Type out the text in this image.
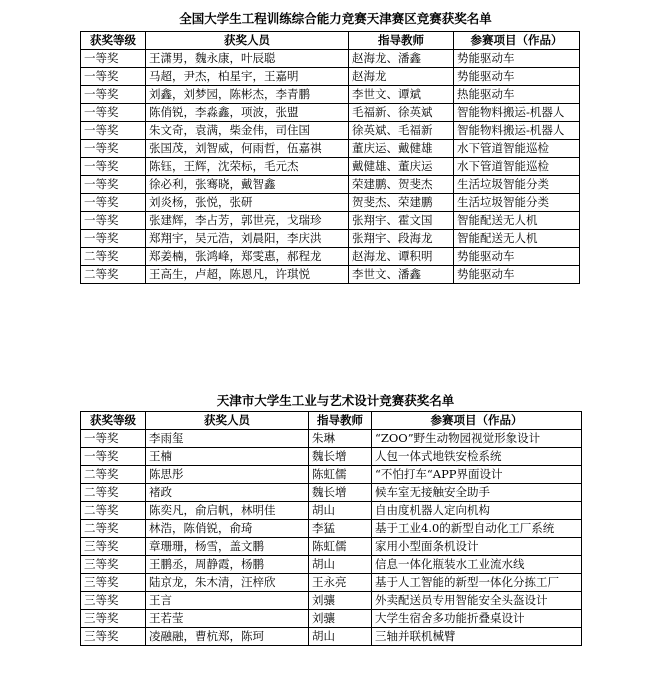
全国大学生工程训练综合能力竞赛天津赛区竞赛获奖名单
获奖等级	获奖人员	指导教师	参赛项目（作品）
一等奖	王潇男，魏永康，叶辰聪	赵海龙、潘鑫	势能驱动车
一等奖	马超，尹杰，柏星宇，王嘉明	赵海龙	势能驱动车
一等奖	刘鑫，刘梦园，陈彬杰，李青鹏	李世文、谭斌	热能驱动车
一等奖	陈俏锐，李淼鑫，项波，张盟	毛福新、徐英斌	智能物料搬运-机器人
一等奖	朱文奇，袁满，柴金伟，司住国	徐英斌、毛福新	智能物料搬运-机器人
一等奖	张国茂，刘智威，何雨哲，伍嘉祺	董庆运、戴健雄	水下管道智能巡检
一等奖	陈钰，王辉，沈荣标，毛元杰	戴健雄、董庆运	水下管道智能巡检
一等奖	徐必利，张骞晓，戴智鑫	荣建鹏、贺斐杰	生活垃圾智能分类
一等奖	刘炎杨，张悦，张研	贺斐杰、荣建鹏	生活垃圾智能分类
一等奖	张建辉，李占芳，郭世亮，戈瑞珍	张翔宇、霍文国	智能配送无人机
一等奖	郑翔宇，吴元浩，刘晨阳，李庆洪	张翔宇、段海龙	智能配送无人机
二等奖	郑姜楠，张鸿峰，郑雯惠，郝程龙	赵海龙、谭积明	势能驱动车
二等奖	王高生，卢超，陈恩凡，许琪悦	李世文、潘鑫	势能驱动车
天津市大学生工业与艺术设计竞赛获奖名单
获奖等级	获奖人员	指导教师	参赛项目（作品）
一等奖	李雨玺	朱琳	“ZOO”野生动物园视觉形象设计
一等奖	王楠	魏长增	人包一体式地铁安检系统
二等奖	陈思彤	陈虹儒	“不怕打车“APP界面设计
二等奖	褚政	魏长增	候车室无接触安全助手
二等奖	陈奕凡，俞启帆，林明佳	胡山	自由度机器人定向机构
二等奖	林浩，陈俏锐，俞琦	李猛	基于工业4.0的新型自动化工厂系统
三等奖	章珊珊，杨雪，盖文鹏	陈虹儒	家用小型面条机设计
三等奖	王鹏丞，周静霞，杨鹏	胡山	信息一体化瓶装水工业流水线
三等奖	陆京龙，朱木清，汪梓欣	王永亮	基于人工智能的新型一体化分拣工厂
三等奖	王言	刘骧	外卖配送员专用智能安全头盔设计
三等奖	王若莹	刘骧	大学生宿舍多功能折叠桌设计
三等奖	凌融融，曹杭郑，陈珂	胡山	三轴并联机械臂
